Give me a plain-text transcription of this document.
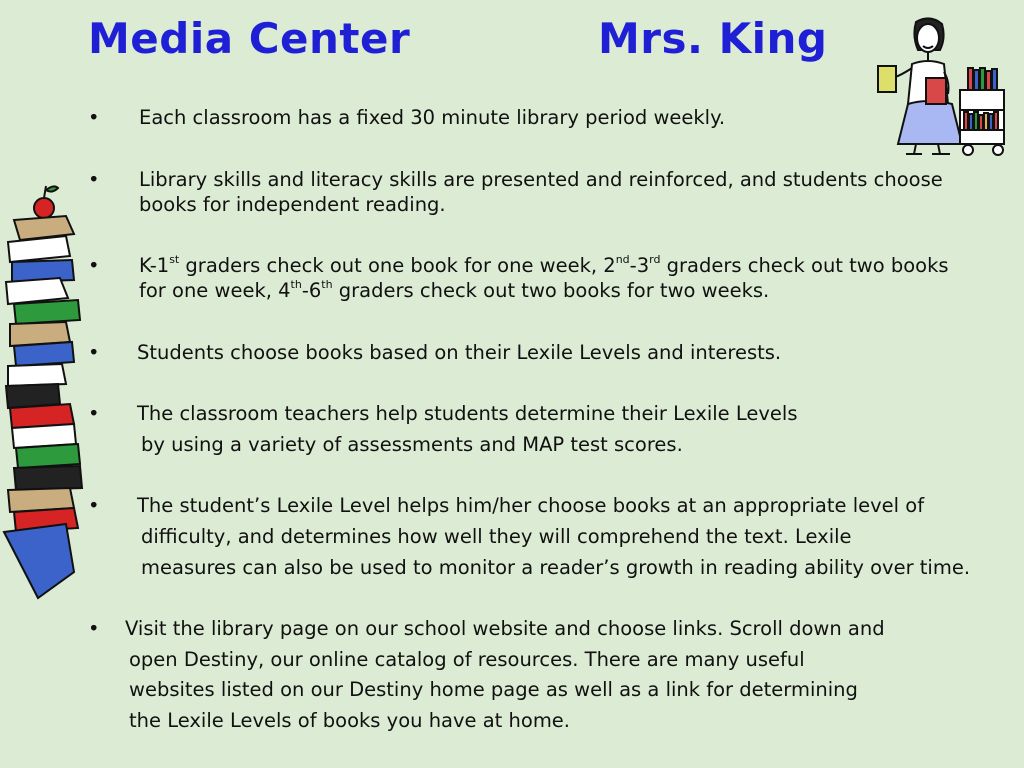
Media Center	Mrs. King
• Each classroom has a fixed 30 minute library period weekly.
• Library skills and literacy skills are presented and reinforced, and students choose
books for independent reading.
• K-1st graders check out one book for one week, 2nd-3rd graders check out two books
for one week, 4th-6th graders check out two books for two weeks.
• Students choose books based on their Lexile Levels and interests.
• The classroom teachers help students determine their Lexile Levels
by using a variety of assessments and MAP test scores.
• The student’s Lexile Level helps him/her choose books at an appropriate level of
difficulty, and determines how well they will comprehend the text. Lexile
measures can also be used to monitor a reader’s growth in reading ability over time.
• Visit the library page on our school website and choose links. Scroll down and
open Destiny, our online catalog of resources. There are many useful
websites listed on our Destiny home page as well as a link for determining
the Lexile Levels of books you have at home.
